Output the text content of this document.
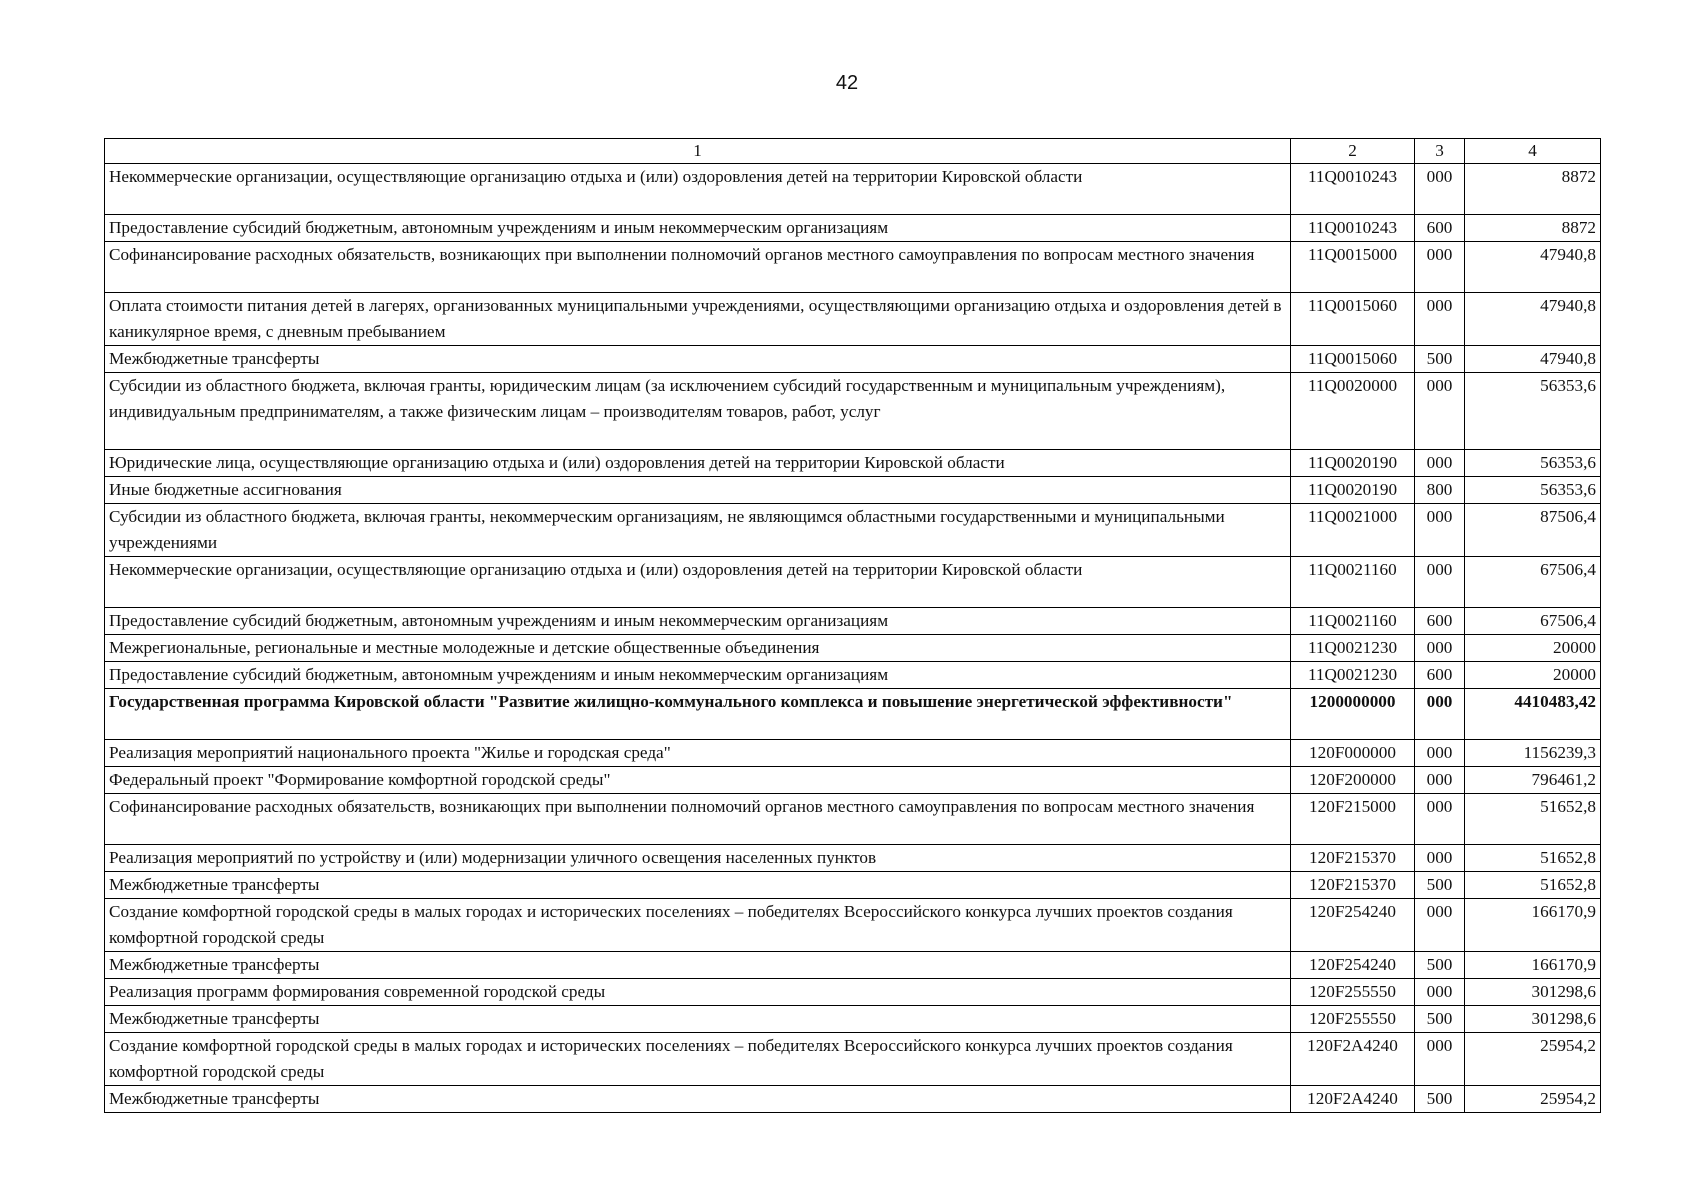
42
1	2	3	4
Некоммерческие организации, осуществляющие организацию отдыха и (или) оздоровления детей на территории Кировской области	11Q0010243	000	8872
Предоставление субсидий бюджетным, автономным учреждениям и иным некоммерческим организациям	11Q0010243	600	8872
Софинансирование расходных обязательств, возникающих при выполнении полномочий органов местного самоуправления по вопросам местного значения	11Q0015000	000	47940,8
Оплата стоимости питания детей в лагерях, организованных муниципальными учреждениями, осуществляющими организацию отдыха и оздоровления детей в каникулярное время, с дневным пребыванием	11Q0015060	000	47940,8
Межбюджетные трансферты	11Q0015060	500	47940,8
Субсидии из областного бюджета, включая гранты, юридическим лицам (за исключением субсидий государственным и муниципальным учреждениям), индивидуальным предпринимателям, а также физическим лицам – производителям товаров, работ, услуг	11Q0020000	000	56353,6
Юридические лица, осуществляющие организацию отдыха и (или) оздоровления детей на территории Кировской области	11Q0020190	000	56353,6
Иные бюджетные ассигнования	11Q0020190	800	56353,6
Субсидии из областного бюджета, включая гранты, некоммерческим организациям, не являющимся областными государственными и муниципальными учреждениями	11Q0021000	000	87506,4
Некоммерческие организации, осуществляющие организацию отдыха и (или) оздоровления детей на территории Кировской области	11Q0021160	000	67506,4
Предоставление субсидий бюджетным, автономным учреждениям и иным некоммерческим организациям	11Q0021160	600	67506,4
Межрегиональные, региональные и местные молодежные и детские общественные объединения	11Q0021230	000	20000
Предоставление субсидий бюджетным, автономным учреждениям и иным некоммерческим организациям	11Q0021230	600	20000
Государственная программа Кировской области "Развитие жилищно-коммунального комплекса и повышение энергетической эффективности"	1200000000	000	4410483,42
Реализация мероприятий национального проекта "Жилье и городская среда"	120F000000	000	1156239,3
Федеральный проект "Формирование комфортной городской среды"	120F200000	000	796461,2
Софинансирование расходных обязательств, возникающих при выполнении полномочий органов местного самоуправления по вопросам местного значения	120F215000	000	51652,8
Реализация мероприятий по устройству и (или) модернизации уличного освещения населенных пунктов	120F215370	000	51652,8
Межбюджетные трансферты	120F215370	500	51652,8
Создание комфортной городской среды в малых городах и исторических поселениях – победителях Всероссийского конкурса лучших проектов создания комфортной городской среды	120F254240	000	166170,9
Межбюджетные трансферты	120F254240	500	166170,9
Реализация программ формирования современной городской среды	120F255550	000	301298,6
Межбюджетные трансферты	120F255550	500	301298,6
Создание комфортной городской среды в малых городах и исторических поселениях – победителях Всероссийского конкурса лучших проектов создания комфортной городской среды	120F2A4240	000	25954,2
Межбюджетные трансферты	120F2A4240	500	25954,2
